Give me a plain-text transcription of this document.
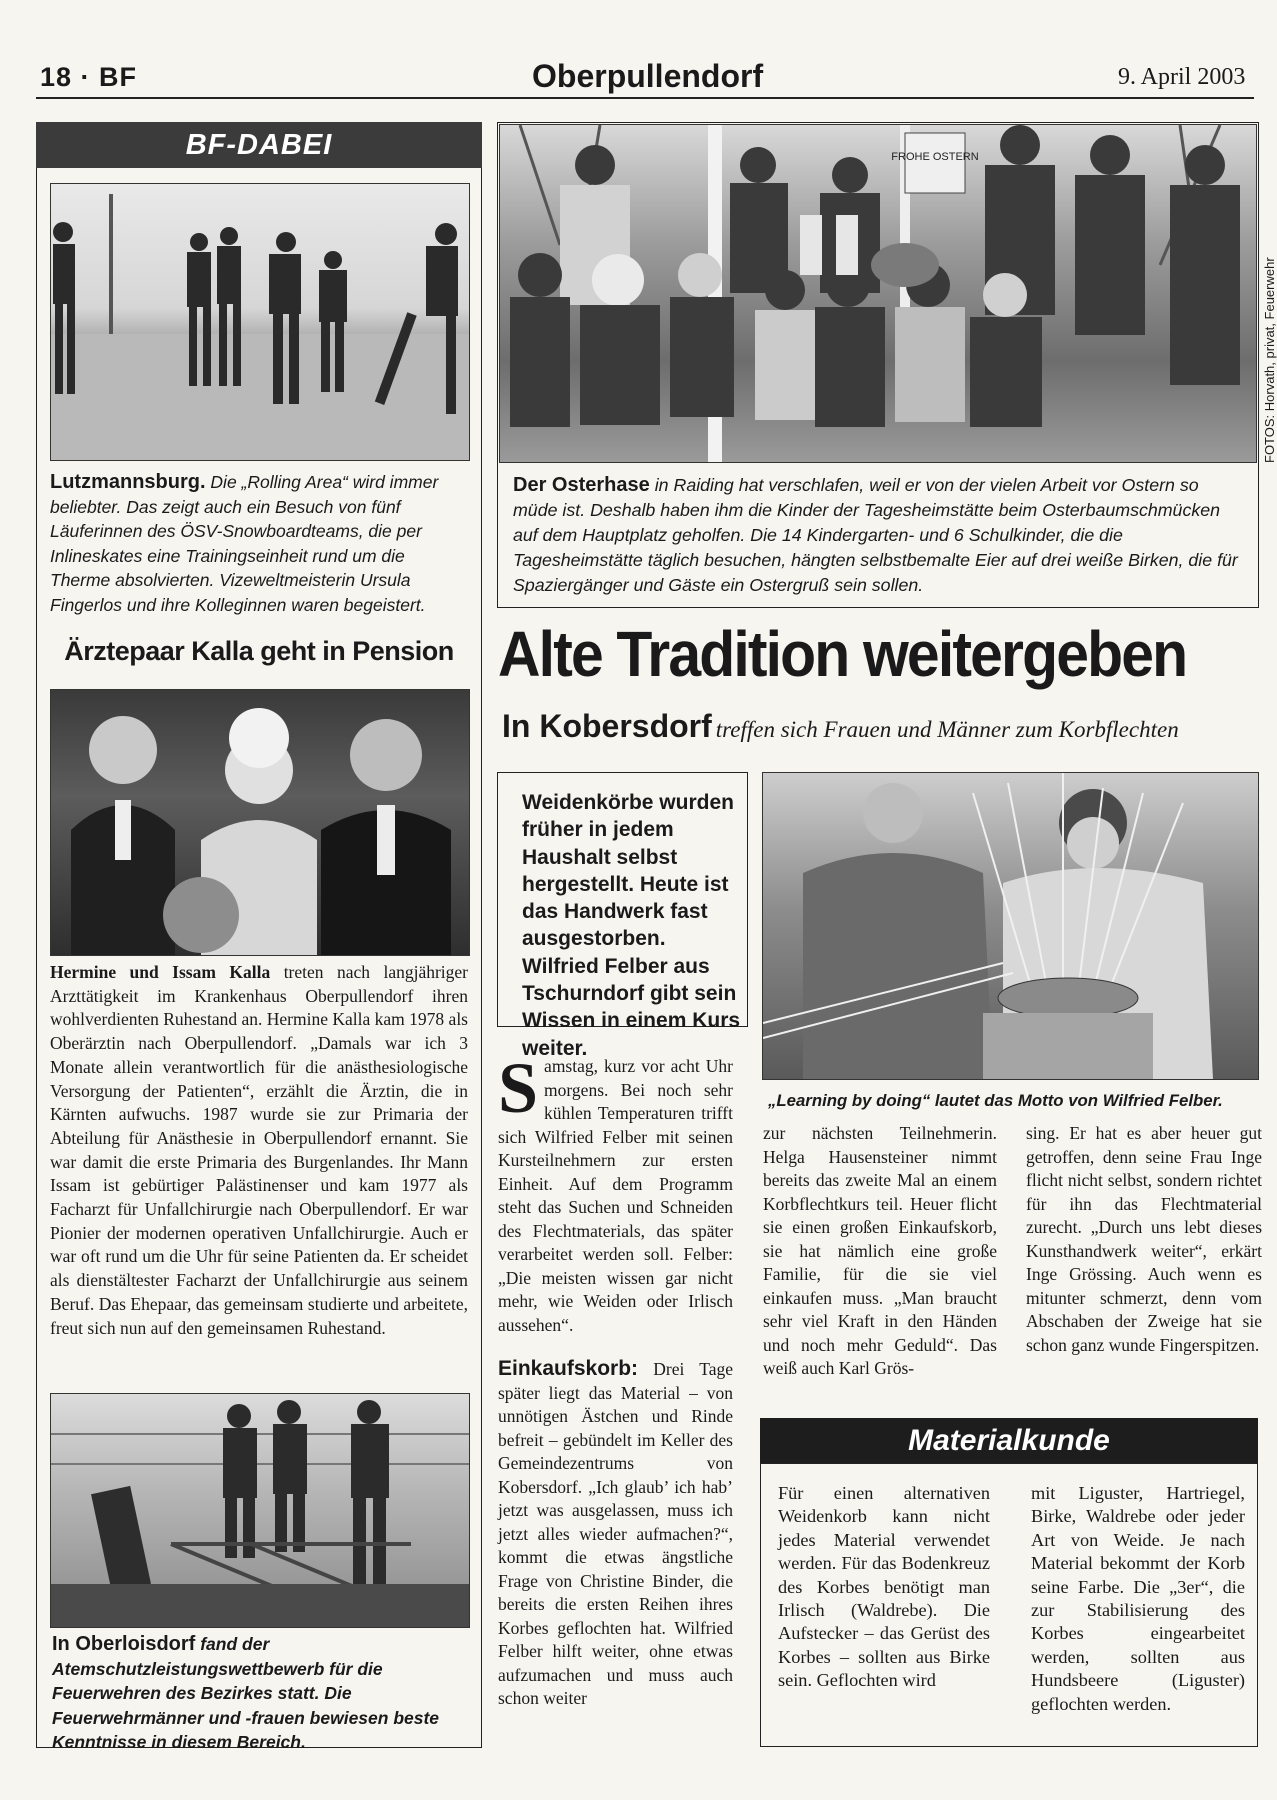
18 · BF	Oberpullendorf	9. April 2003
FOTOS: Horvath, privat, Feuerwehr
BF-DABEI
Lutzmannsburg. Die „Rolling Area“ wird immer beliebter. Das zeigt auch ein Besuch von fünf Läuferinnen des ÖSV-Snowboardteams, die per Inlineskates eine Trainingseinheit rund um die Therme absolvierten. Vizeweltmeisterin Ursula Fingerlos und ihre Kolleginnen waren begeistert.
Ärztepaar Kalla geht in Pension
Hermine und Issam Kalla treten nach langjähriger Arzttätigkeit im Krankenhaus Oberpullendorf ihren wohlverdienten Ruhestand an. Hermine Kalla kam 1978 als Oberärztin nach Oberpullendorf. „Damals war ich 3 Monate allein verantwortlich für die anästhesiologische Versorgung der Patienten“, erzählt die Ärztin, die in Kärnten aufwuchs. 1987 wurde sie zur Primaria der Abteilung für Anästhesie in Oberpullendorf ernannt. Sie war damit die erste Primaria des Burgenlandes. Ihr Mann Issam ist gebürtiger Palästinenser und kam 1977 als Facharzt für Unfallchirurgie nach Oberpullendorf. Er war Pionier der modernen operativen Unfallchirurgie. Auch er war oft rund um die Uhr für seine Patienten da. Er scheidet als dienstältester Facharzt der Unfallchirurgie aus seinem Beruf. Das Ehepaar, das gemeinsam studierte und arbeitete, freut sich nun auf den gemeinsamen Ruhestand.
In Oberloisdorf fand der Atemschutzleistungswettbewerb für die Feuerwehren des Bezirkes statt. Die Feuerwehrmänner und -frauen bewiesen beste Kenntnisse in diesem Bereich.
FROHE OSTERN
Der Osterhase in Raiding hat verschlafen, weil er von der vielen Arbeit vor Ostern so müde ist. Deshalb haben ihm die Kinder der Tagesheimstätte beim Osterbaumschmücken auf dem Hauptplatz geholfen. Die 14 Kindergarten- und 6 Schulkinder, die die Tagesheimstätte täglich besuchen, hängten selbstbemalte Eier auf drei weiße Birken, die für Spaziergänger und Gäste ein Ostergruß sein sollen.
Alte Tradition weitergeben
In Kobersdorf treffen sich Frauen und Männer zum Korbflechten
Weidenkörbe wurden früher in jedem Haushalt selbst hergestellt. Heute ist das Handwerk fast ausgestorben. Wilfried Felber aus Tschurndorf gibt sein Wissen in einem Kurs weiter.
„Learning by doing“ lautet das Motto von Wilfried Felber.
S amstag, kurz vor acht Uhr morgens. Bei noch sehr kühlen Temperaturen trifft sich Wilfried Felber mit seinen Kursteilnehmern zur ersten Einheit. Auf dem Programm steht das Suchen und Schneiden des Flechtmaterials, das später verarbeitet werden soll. Felber: „Die meisten wissen gar nicht mehr, wie Weiden oder Irlisch aussehen“.
Einkaufskorb: Drei Tage später liegt das Material – von unnötigen Ästchen und Rinde befreit – gebündelt im Keller des Gemeindezentrums von Kobersdorf. „Ich glaub’ ich hab’ jetzt was ausgelassen, muss ich jetzt alles wieder aufmachen?“, kommt die etwas ängstliche Frage von Christine Binder, die bereits die ersten Reihen ihres Korbes geflochten hat. Wilfried Felber hilft weiter, ohne etwas aufzumachen und muss auch schon weiter
zur nächsten Teilnehmerin. Helga Hausensteiner nimmt bereits das zweite Mal an einem Korbflechtkurs teil. Heuer flicht sie einen großen Einkaufskorb, sie hat nämlich eine große Familie, für die sie viel einkaufen muss. „Man braucht sehr viel Kraft in den Händen und noch mehr Geduld“. Das weiß auch Karl Grös-
sing. Er hat es aber heuer gut getroffen, denn seine Frau Inge flicht nicht selbst, sondern richtet für ihn das Flechtmaterial zurecht. „Durch uns lebt dieses Kunsthandwerk weiter“, erkärt Inge Grössing. Auch wenn es mitunter schmerzt, denn vom Abschaben der Zweige hat sie schon ganz wunde Fingerspitzen.
Materialkunde
Für einen alternativen Weidenkorb kann nicht jedes Material verwendet werden. Für das Bodenkreuz des Korbes benötigt man Irlisch (Waldrebe). Die Aufstecker – das Gerüst des Korbes – sollten aus Birke sein. Geflochten wird
mit Liguster, Hartriegel, Birke, Waldrebe oder jeder Art von Weide. Je nach Material bekommt der Korb seine Farbe. Die „3er“, die zur Stabilisierung des Korbes eingearbeitet werden, sollten aus Hundsbeere (Liguster) geflochten werden.
